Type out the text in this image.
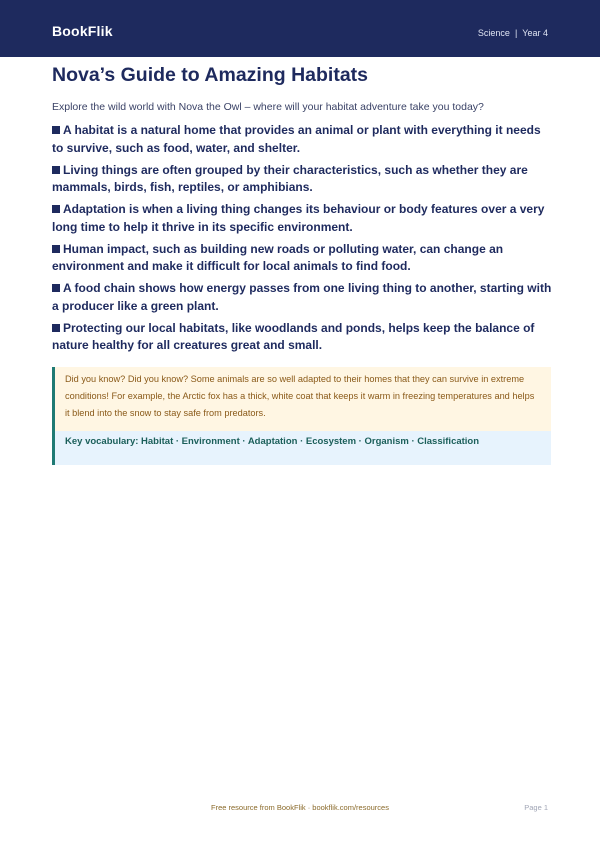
BookFlik	Science | Year 4
Nova’s Guide to Amazing Habitats

Explore the wild world with Nova the Owl – where will your habitat adventure take you today?

A habitat is a natural home that provides an animal or plant with everything it needs to survive, such as food, water, and shelter.
Living things are often grouped by their characteristics, such as whether they are mammals, birds, fish, reptiles, or amphibians.
Adaptation is when a living thing changes its behaviour or body features over a very long time to help it thrive in its specific environment.
Human impact, such as building new roads or polluting water, can change an environment and make it difficult for local animals to find food.
A food chain shows how energy passes from one living thing to another, starting with a producer like a green plant.
Protecting our local habitats, like woodlands and ponds, helps keep the balance of nature healthy for all creatures great and small.
Did you know? Did you know? Some animals are so well adapted to their homes that they can survive in extreme conditions! For example, the Arctic fox has a thick, white coat that keeps it warm in freezing temperatures and helps it blend into the snow to stay safe from predators.
Key vocabulary: Habitat · Environment · Adaptation · Ecosystem · Organism · Classification
Free resource from BookFlik · bookflik.com/resources	Page 1
